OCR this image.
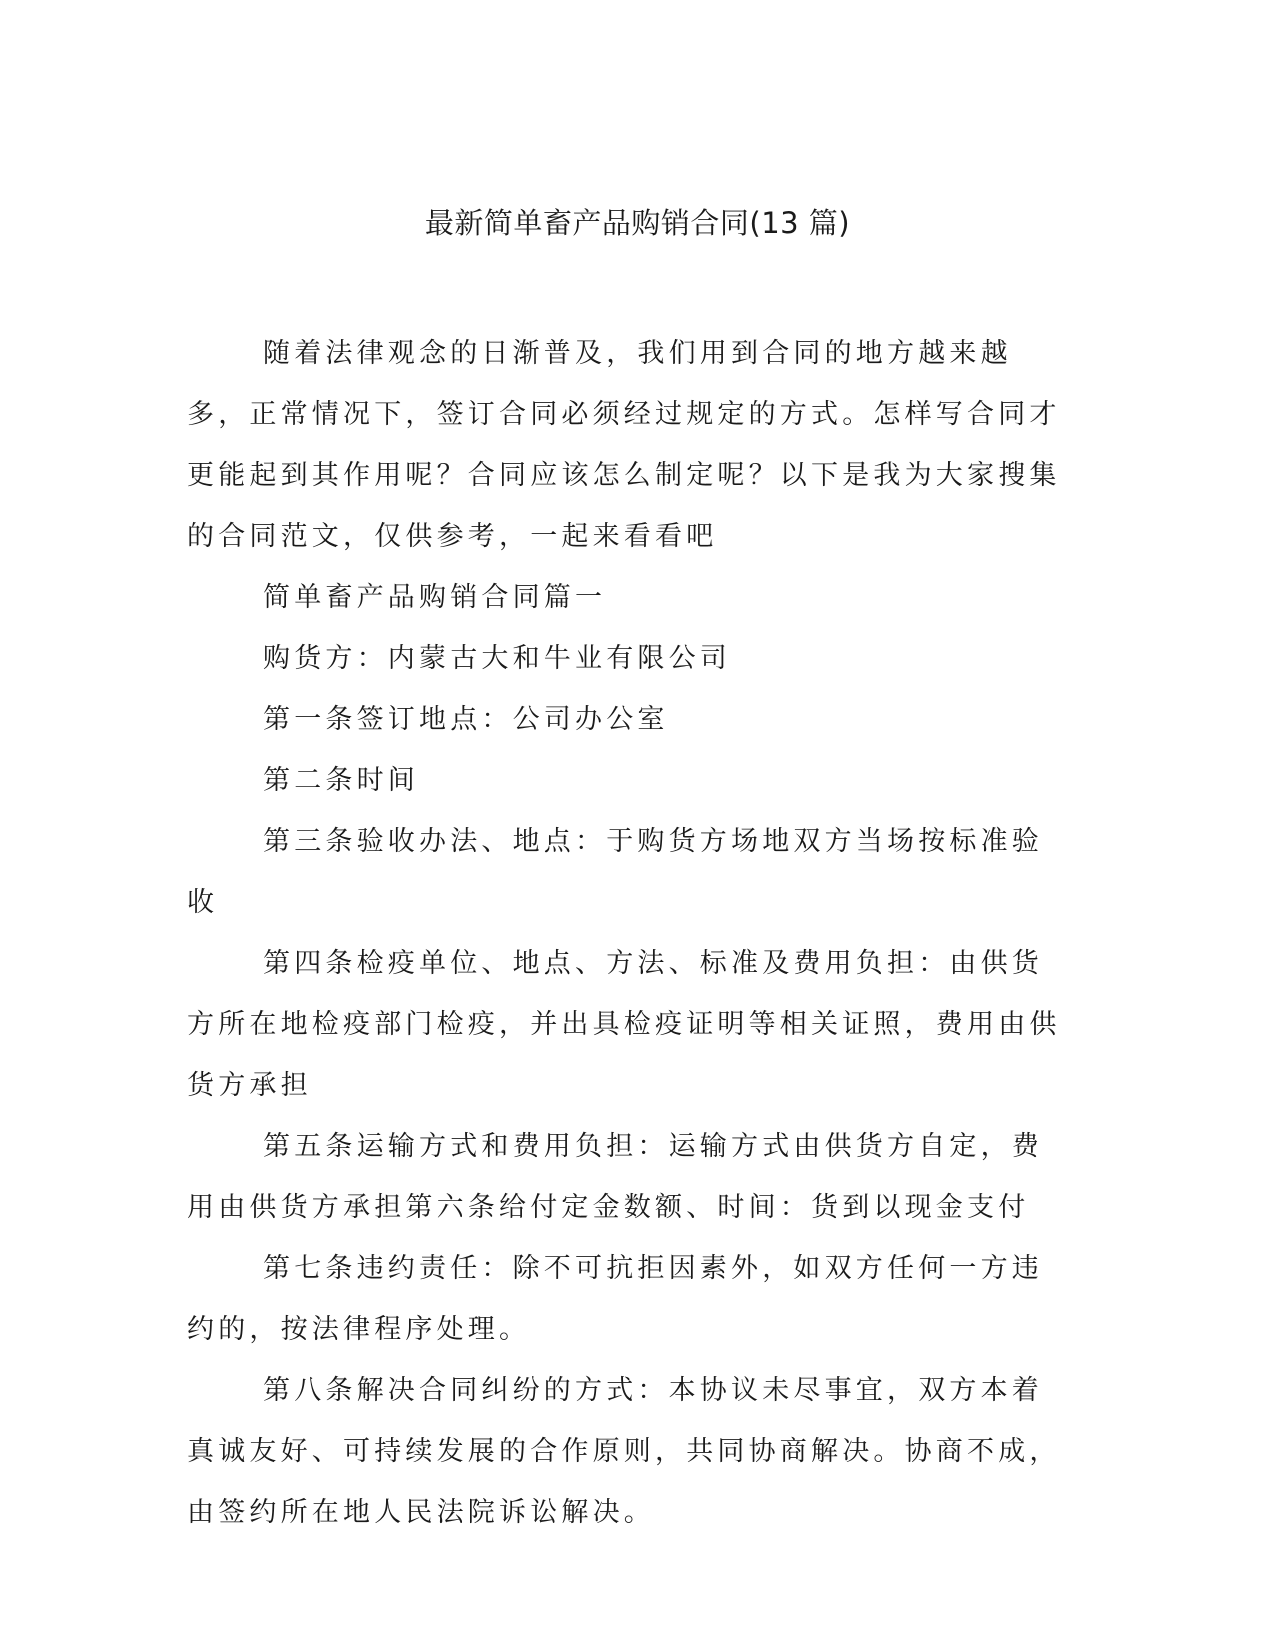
最新简单畜产品购销合同(13 篇)

随着法律观念的日渐普及，我们用到合同的地方越来越多，正常情况下，签订合同必须经过规定的方式。怎样写合同才更能起到其作用呢？合同应该怎么制定呢？以下是我为大家搜集的合同范文，仅供参考，一起来看看吧

简单畜产品购销合同篇一

购货方：内蒙古大和牛业有限公司

第一条签订地点：公司办公室

第二条时间

第三条验收办法、地点：于购货方场地双方当场按标准验收

第四条检疫单位、地点、方法、标准及费用负担：由供货方所在地检疫部门检疫，并出具检疫证明等相关证照，费用由供货方承担

第五条运输方式和费用负担：运输方式由供货方自定，费用由供货方承担第六条给付定金数额、时间：货到以现金支付

第七条违约责任：除不可抗拒因素外，如双方任何一方违约的，按法律程序处理。

第八条解决合同纠纷的方式：本协议未尽事宜，双方本着真诚友好、可持续发展的合作原则，共同协商解决。协商不成，由签约所在地人民法院诉讼解决。
